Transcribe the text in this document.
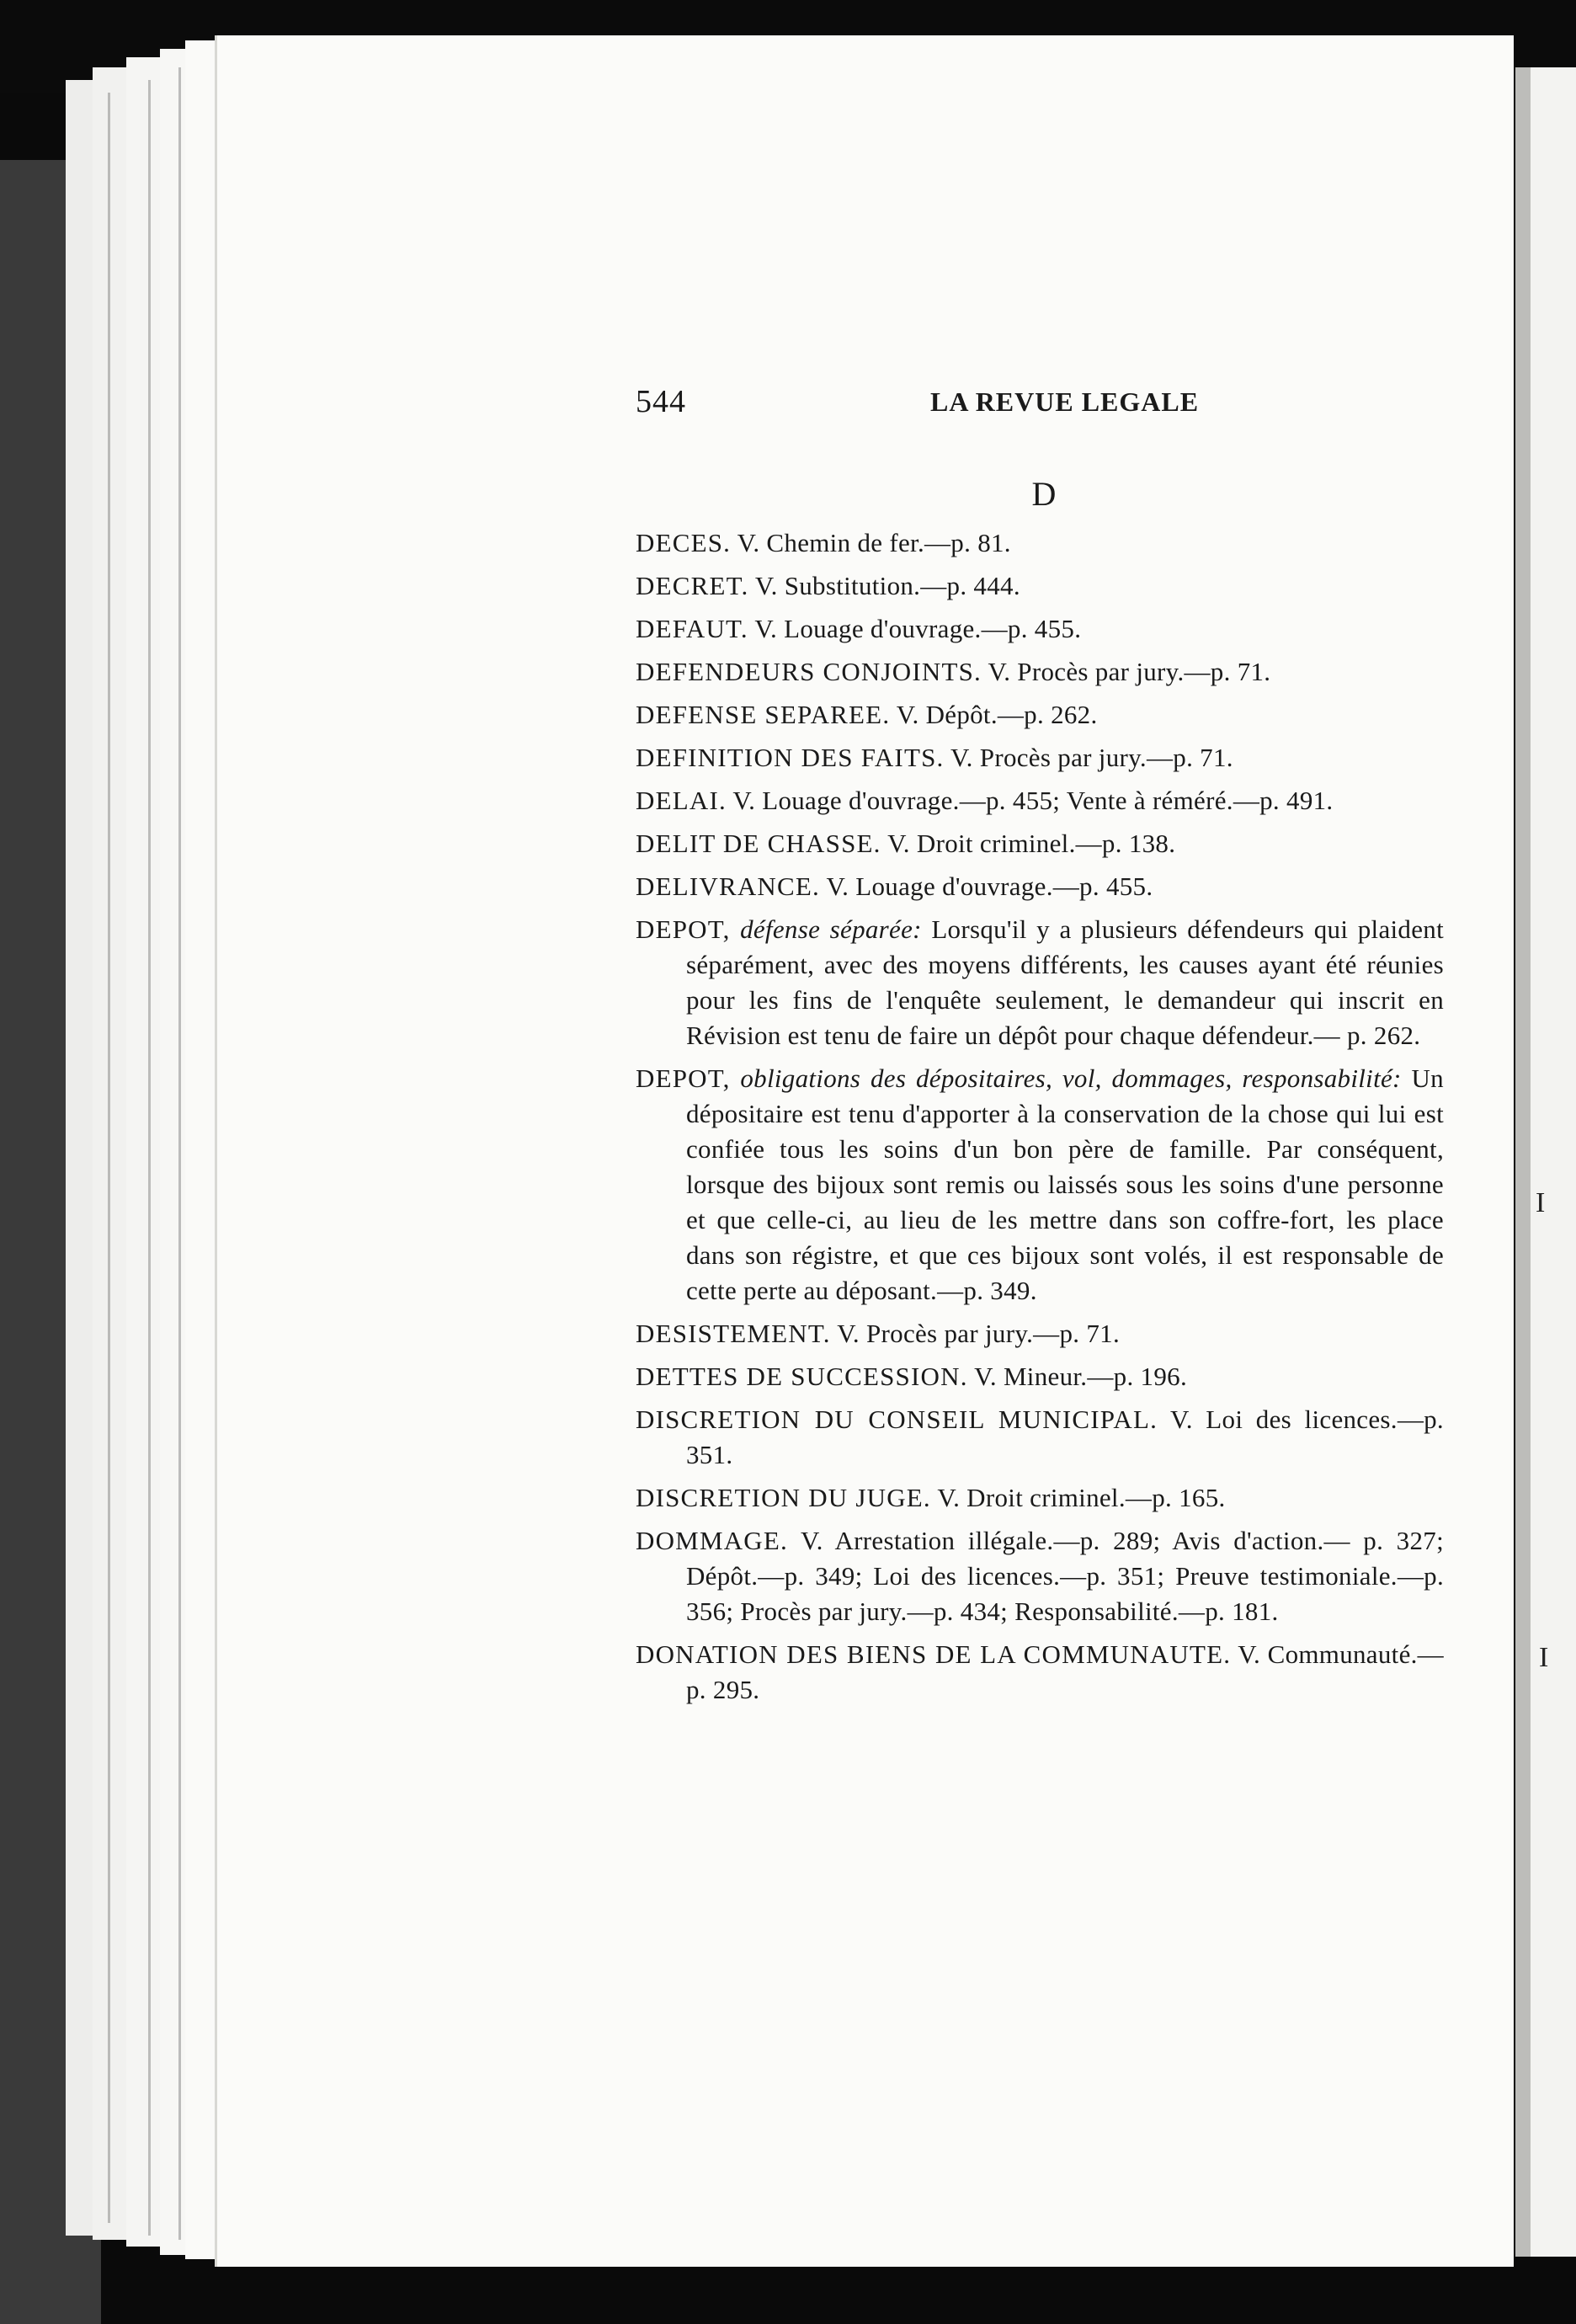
I
I
544	LA REVUE LEGALE
D
DECES. V. Chemin de fer.—p. 81.
DECRET. V. Substitution.—p. 444.
DEFAUT. V. Louage d'ouvrage.—p. 455.
DEFENDEURS CONJOINTS. V. Procès par jury.—p. 71.
DEFENSE SEPAREE. V. Dépôt.—p. 262.
DEFINITION DES FAITS. V. Procès par jury.—p. 71.
DELAI. V. Louage d'ouvrage.—p. 455; Vente à réméré.—p. 491.
DELIT DE CHASSE. V. Droit criminel.—p. 138.
DELIVRANCE. V. Louage d'ouvrage.—p. 455.
DEPOT, défense séparée: Lorsqu'il y a plusieurs défendeurs qui plaident séparément, avec des moyens différents, les causes ayant été réunies pour les fins de l'enquête seulement, le demandeur qui inscrit en Révision est tenu de faire un dépôt pour chaque défendeur.— p. 262.
DEPOT, obligations des dépositaires, vol, dommages, responsabilité: Un dépositaire est tenu d'apporter à la conservation de la chose qui lui est confiée tous les soins d'un bon père de famille. Par conséquent, lorsque des bijoux sont remis ou laissés sous les soins d'une personne et que celle-ci, au lieu de les mettre dans son coffre-fort, les place dans son régistre, et que ces bijoux sont volés, il est responsable de cette perte au déposant.—p. 349.
DESISTEMENT. V. Procès par jury.—p. 71.
DETTES DE SUCCESSION. V. Mineur.—p. 196.
DISCRETION DU CONSEIL MUNICIPAL. V. Loi des licences.—p. 351.
DISCRETION DU JUGE. V. Droit criminel.—p. 165.
DOMMAGE. V. Arrestation illégale.—p. 289; Avis d'action.— p. 327; Dépôt.—p. 349; Loi des licences.—p. 351; Preuve testimoniale.—p. 356; Procès par jury.—p. 434; Responsabilité.—p. 181.
DONATION DES BIENS DE LA COMMUNAUTE. V. Communauté.—p. 295.
